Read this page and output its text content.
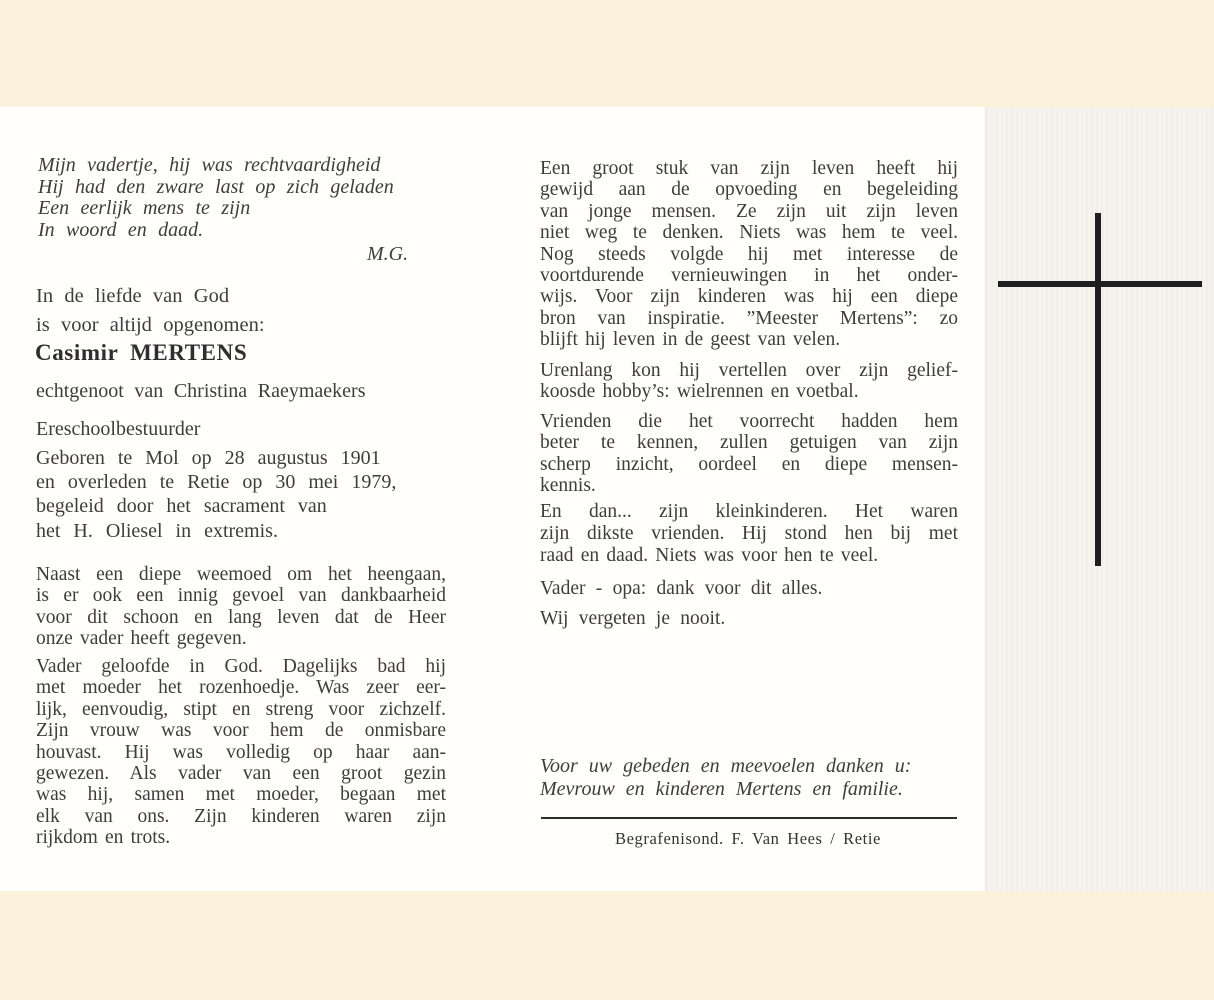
Mijn vadertje, hij was rechtvaardigheid
Hij had den zware last op zich geladen
Een eerlijk mens te zijn
In woord en daad.
M.G.
In de liefde van God
is voor altijd opgenomen:
Casimir MERTENS
echtgenoot van Christina Raeymaekers
Ereschoolbestuurder
Geboren te Mol op 28 augustus 1901
en overleden te Retie op 30 mei 1979,
begeleid door het sacrament van
het H. Oliesel in extremis.
Naast een diepe weemoed om het heengaan,
is er ook een innig gevoel van dankbaarheid
voor dit schoon en lang leven dat de Heer
onze vader heeft gegeven.
Vader geloofde in God. Dagelijks bad hij
met moeder het rozenhoedje. Was zeer eer-
lijk, eenvoudig, stipt en streng voor zichzelf.
Zijn vrouw was voor hem de onmisbare
houvast. Hij was volledig op haar aan-
gewezen. Als vader van een groot gezin
was hij, samen met moeder, begaan met
elk van ons. Zijn kinderen waren zijn
rijkdom en trots.
Een groot stuk van zijn leven heeft hij
gewijd aan de opvoeding en begeleiding
van jonge mensen. Ze zijn uit zijn leven
niet weg te denken. Niets was hem te veel.
Nog steeds volgde hij met interesse de
voortdurende vernieuwingen in het onder-
wijs. Voor zijn kinderen was hij een diepe
bron van inspiratie. ”Meester Mertens”: zo
blijft hij leven in de geest van velen.
Urenlang kon hij vertellen over zijn gelief-
koosde hobby’s: wielrennen en voetbal.
Vrienden die het voorrecht hadden hem
beter te kennen, zullen getuigen van zijn
scherp inzicht, oordeel en diepe mensen-
kennis.
En dan... zijn kleinkinderen. Het waren
zijn dikste vrienden. Hij stond hen bij met
raad en daad. Niets was voor hen te veel.
Vader - opa: dank voor dit alles.
Wij vergeten je nooit.
Voor uw gebeden en meevoelen danken u:
Mevrouw en kinderen Mertens en familie.
Begrafenisond. F. Van Hees / Retie
